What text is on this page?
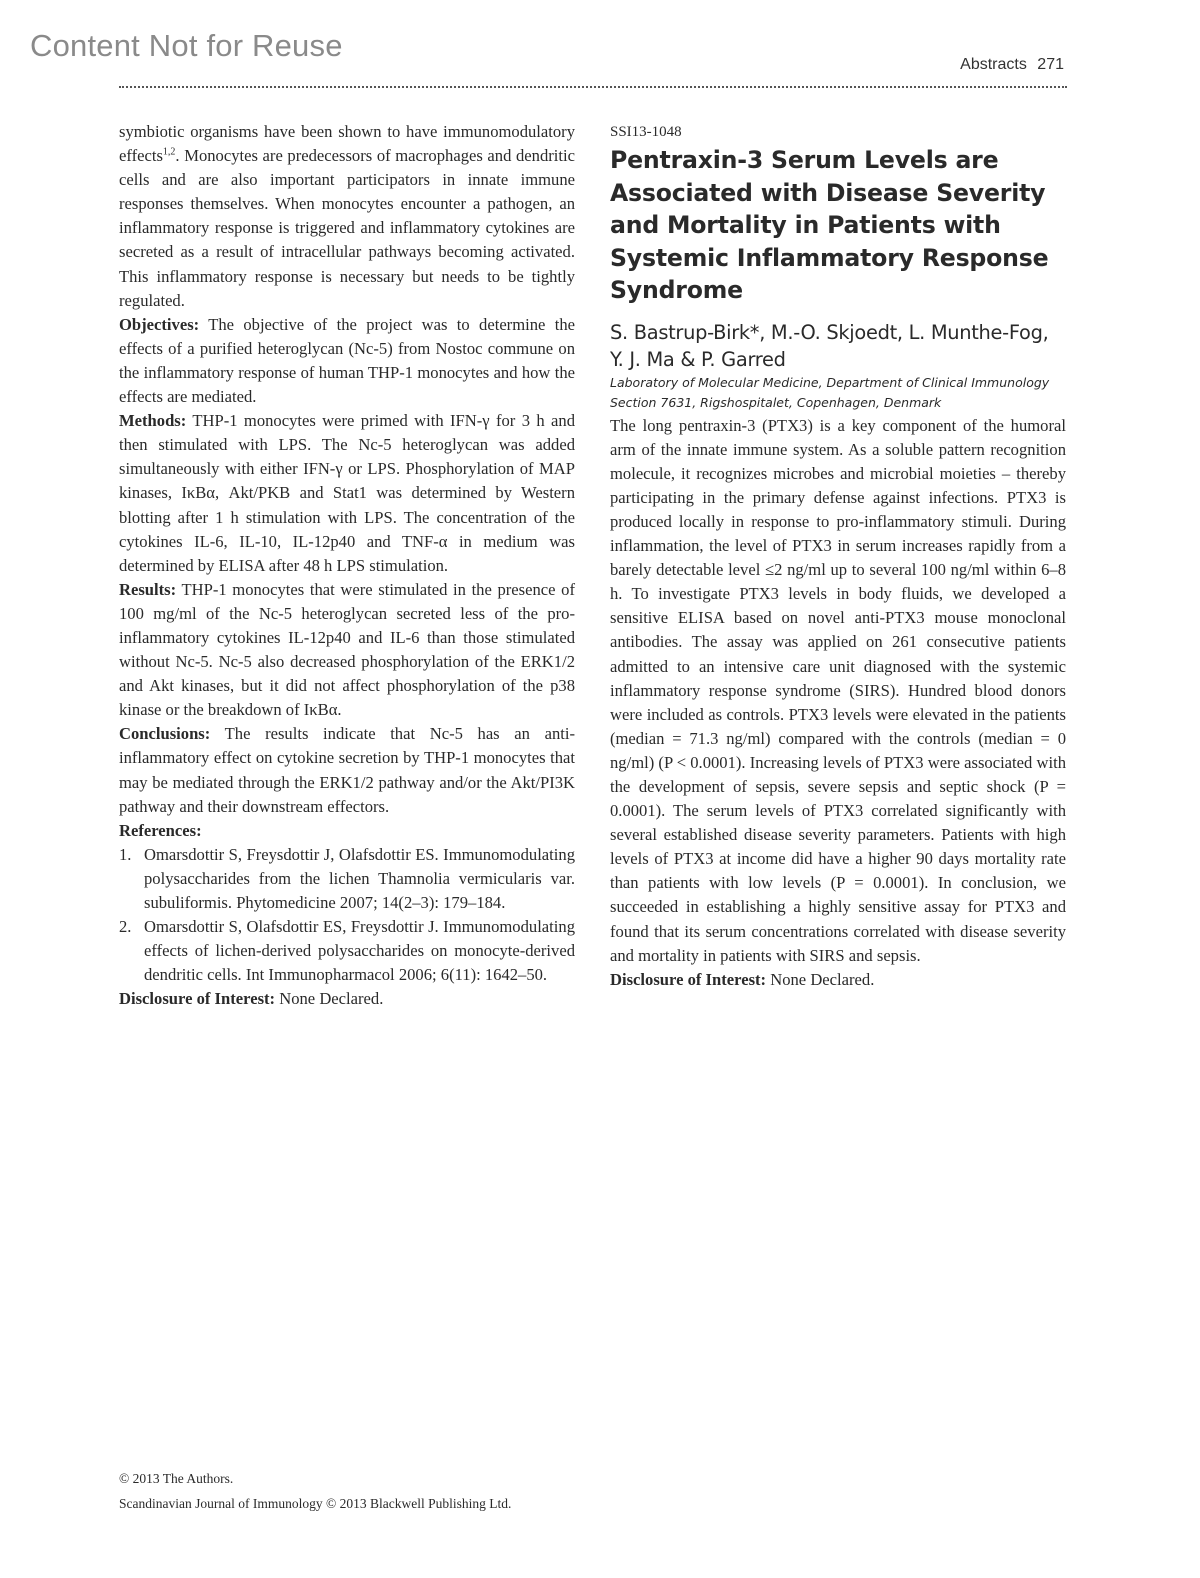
Content Not for Reuse
Abstracts 271

symbiotic organisms have been shown to have immunomodulatory effects$^{1,2}$. Monocytes are predecessors of macrophages and dendritic cells and are also important participators in innate immune responses themselves. When monocytes encounter a pathogen, an inflammatory response is triggered and inflammatory cytokines are secreted as a result of intracellular pathways becoming activated. This inflammatory response is necessary but needs to be tightly regulated.

Objectives: The objective of the project was to determine the effects of a purified heteroglycan (Nc-5) from Nostoc commune on the inflammatory response of human THP-1 monocytes and how the effects are mediated.

Methods: THP-1 monocytes were primed with IFN-γ for 3 h and then stimulated with LPS. The Nc-5 heteroglycan was added simultaneously with either IFN-γ or LPS. Phosphorylation of MAP kinases, IκBα, Akt/PKB and Stat1 was determined by Western blotting after 1 h stimulation with LPS. The concentration of the cytokines IL-6, IL-10, IL-12p40 and TNF-α in medium was determined by ELISA after 48 h LPS stimulation.

Results: THP-1 monocytes that were stimulated in the presence of 100 mg/ml of the Nc-5 heteroglycan secreted less of the pro-inflammatory cytokines IL-12p40 and IL-6 than those stimulated without Nc-5. Nc-5 also decreased phosphorylation of the ERK1/2 and Akt kinases, but it did not affect phosphorylation of the p38 kinase or the breakdown of IκBα.

Conclusions: The results indicate that Nc-5 has an anti-inflammatory effect on cytokine secretion by THP-1 monocytes that may be mediated through the ERK1/2 pathway and/or the Akt/PI3K pathway and their downstream effectors.

References:

1. Omarsdottir S, Freysdottir J, Olafsdottir ES. Immunomodulating polysaccharides from the lichen Thamnolia vermicularis var. subuliformis. Phytomedicine 2007; 14(2–3): 179–184.

2. Omarsdottir S, Olafsdottir ES, Freysdottir J. Immunomodulating effects of lichen-derived polysaccharides on monocyte-derived dendritic cells. Int Immunopharmacol 2006; 6(11): 1642–50.

Disclosure of Interest: None Declared.

SSI13-1048

Pentraxin-3 Serum Levels are Associated with Disease Severity and Mortality in Patients with Systemic Inflammatory Response Syndrome

S. Bastrup-Birk*, M.-O. Skjoedt, L. Munthe-Fog, Y. J. Ma & P. Garred

Laboratory of Molecular Medicine, Department of Clinical Immunology Section 7631, Rigshospitalet, Copenhagen, Denmark

The long pentraxin-3 (PTX3) is a key component of the humoral arm of the innate immune system. As a soluble pattern recognition molecule, it recognizes microbes and microbial moieties – thereby participating in the primary defense against infections. PTX3 is produced locally in response to pro-inflammatory stimuli. During inflammation, the level of PTX3 in serum increases rapidly from a barely detectable level ≤2 ng/ml up to several 100 ng/ml within 6–8 h. To investigate PTX3 levels in body fluids, we developed a sensitive ELISA based on novel anti-PTX3 mouse monoclonal antibodies. The assay was applied on 261 consecutive patients admitted to an intensive care unit diagnosed with the systemic inflammatory response syndrome (SIRS). Hundred blood donors were included as controls. PTX3 levels were elevated in the patients (median = 71.3 ng/ml) compared with the controls (median = 0 ng/ml) (P < 0.0001). Increasing levels of PTX3 were associated with the development of sepsis, severe sepsis and septic shock (P = 0.0001). The serum levels of PTX3 correlated significantly with several established disease severity parameters. Patients with high levels of PTX3 at income did have a higher 90 days mortality rate than patients with low levels (P = 0.0001). In conclusion, we succeeded in establishing a highly sensitive assay for PTX3 and found that its serum concentrations correlated with disease severity and mortality in patients with SIRS and sepsis.

Disclosure of Interest: None Declared.

© 2013 The Authors.
Scandinavian Journal of Immunology © 2013 Blackwell Publishing Ltd.
